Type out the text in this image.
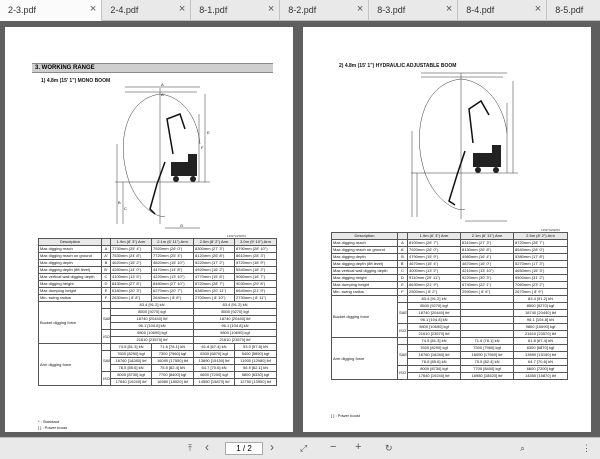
2-3.pdf	×	2-4.pdf	×	8-1.pdf	×	8-2.pdf	×	8-3.pdf	×	8-4.pdf	×	8-5.pdf
3. WORKING RANGE
1) 4.8m (15' 1") MONO BOOM
A
A'
E
F
B
C
G
14W7A2SP03
Description		1.9m (6' 3") Arm	2.1m (6' 11") Arm	2.5m (8' 2") Arm	3.0m (9' 10") Arm
Max digging reach	A	7730mm (25' 4")	7920mm (26' 0")	8300mm (27' 3")	8790mm (28' 10")
Max digging reach on ground	A'	7530mm (24' 8")	7720mm (25' 4")	8120mm (26' 8")	8610mm (28' 3")
Max digging depth	B	4620mm (15' 2")	4820mm (15' 10")	5220mm (17' 2")	5720mm (18' 9")
Max digging depth (8ft level)	B'	4260mm (14' 0")	4470mm (14' 8")	4920mm (16' 2")	5540mm (18' 2")
Max vertical wall digging depth	C	4100mm (13' 5")	4220mm (13' 10")	4770mm (15' 8")	5060mm (16' 7")
Max digging height	D	8430mm (27' 8")	8480mm (27' 10")	8720mm (28' 7")	9030mm (29' 8")
Max dumping height	E	6180mm (20' 3")	6270mm (20' 7")	6380mm (20' 11")	6640mm (21' 9")
Min. swing radius	F	2630mm ( 8' 8")	2640mm ( 8' 8")	2700mm ( 8' 10")	2730mm ( 8' 11")
Bucket digging force		83.4 [91.2] kN		83.4 [91.2] kN	
	SAE	8500 [9270] kgf		8500 [9270] kgf	
		18740 [20440] lbf		18740 [20440] lbf	
		96.1 [104.8] kN		96.1 [104.8] kN	
	ISO	9800 [10690] kgf		9800 [10690] kgf	
		21610 [23570] lbf		21610 [23570] lbf	
Arm digging force		74.5 [81.3] kN	71.6 [78.1] kN	61.8 [67.4] kN	53.0 [57.8] kN
	SAE	7600 [8290] kgf	7300 [7960] kgf	6300 [6870] kgf	5400 [5890] kgf
		16760 [18280] lbf	16090 [17550] lbf	13890 [15150] lbf	11900 [12980] lbf
		78.5 [85.6] kN	75.5 [82.4] kN	64.7 [70.6] kN	56.9 [62.1] kN
	ISO	8000 [8730] kgf	7700 [8400] kgf	6600 [7200] kgf	5800 [6330] kgf
		17640 [19240] lbf	16980 [18520] lbf	14550 [15870] lbf	12790 [13950] lbf
* : Standard
[ ] : Power boost
2) 4.8m (15' 1") HYDRAULIC ADJUSTABLE BOOM
14W7A2SP04
Description		1.9m (6' 3") Arm	2.1m (6' 11") Arm	2.5m (8' 2") Arm
Max digging reach	A	8100mm (26' 7")	8310mm (27' 3")	8720mm (28' 7")
Max digging reach on ground	A'	7920mm (26' 0")	8130mm (26' 8")	8540mm (28' 0")
Max digging depth	B	4790mm (15' 9")	4980mm (16' 4")	5380mm (17' 8")
Max digging depth (8ft level)	B'	4670mm (15' 4")	4870mm (16' 0")	5270mm (17' 3")
Max vertical wall digging depth	C	4000mm (13' 2")	4210mm (13' 10")	4650mm (15' 3")
Max digging height	D	9110mm (29' 11")	9220mm (30' 3")	9500mm (31' 2")
Max dumping height	E	6630mm (21' 9")	6740mm (22' 1")	7060mm (23' 2")
Min. swing radius	F	2500mm ( 8' 2")	2590mm ( 8' 6")	2670mm ( 8' 9")
Bucket digging force		83.4 [91.2] kN		83.4 [91.2] kN
	SAE	8500 [9270] kgf		8500 [9270] kgf
		18740 [20440] lbf		18740 [20440] lbf
		96.1 [104.8] kN		96.1 [104.8] kN
	ISO	9800 [10690] kgf		9800 [10690] kgf
		21610 [23570] lbf		21610 [23570] lbf
Arm digging force		74.5 [81.3] kN	71.6 [78.1] kN	61.8 [67.4] kN
	SAE	7600 [8290] kgf	7300 [7960] kgf	6300 [6870] kgf
		16760 [18280] lbf	16090 [17550] lbf	13890 [15150] lbf
		78.5 [85.6] kN	75.5 [82.4] kN	64.7 [70.6] kN
	ISO	8000 [8730] kgf	7700 [8400] kgf	6600 [7200] kgf
		17640 [19240] lbf	16980 [18520] lbf	14550 [15870] lbf
[ ] : Power boost
⤒ ‹	1 / 2	›	⤢ − +	↻	⌕	⋮
